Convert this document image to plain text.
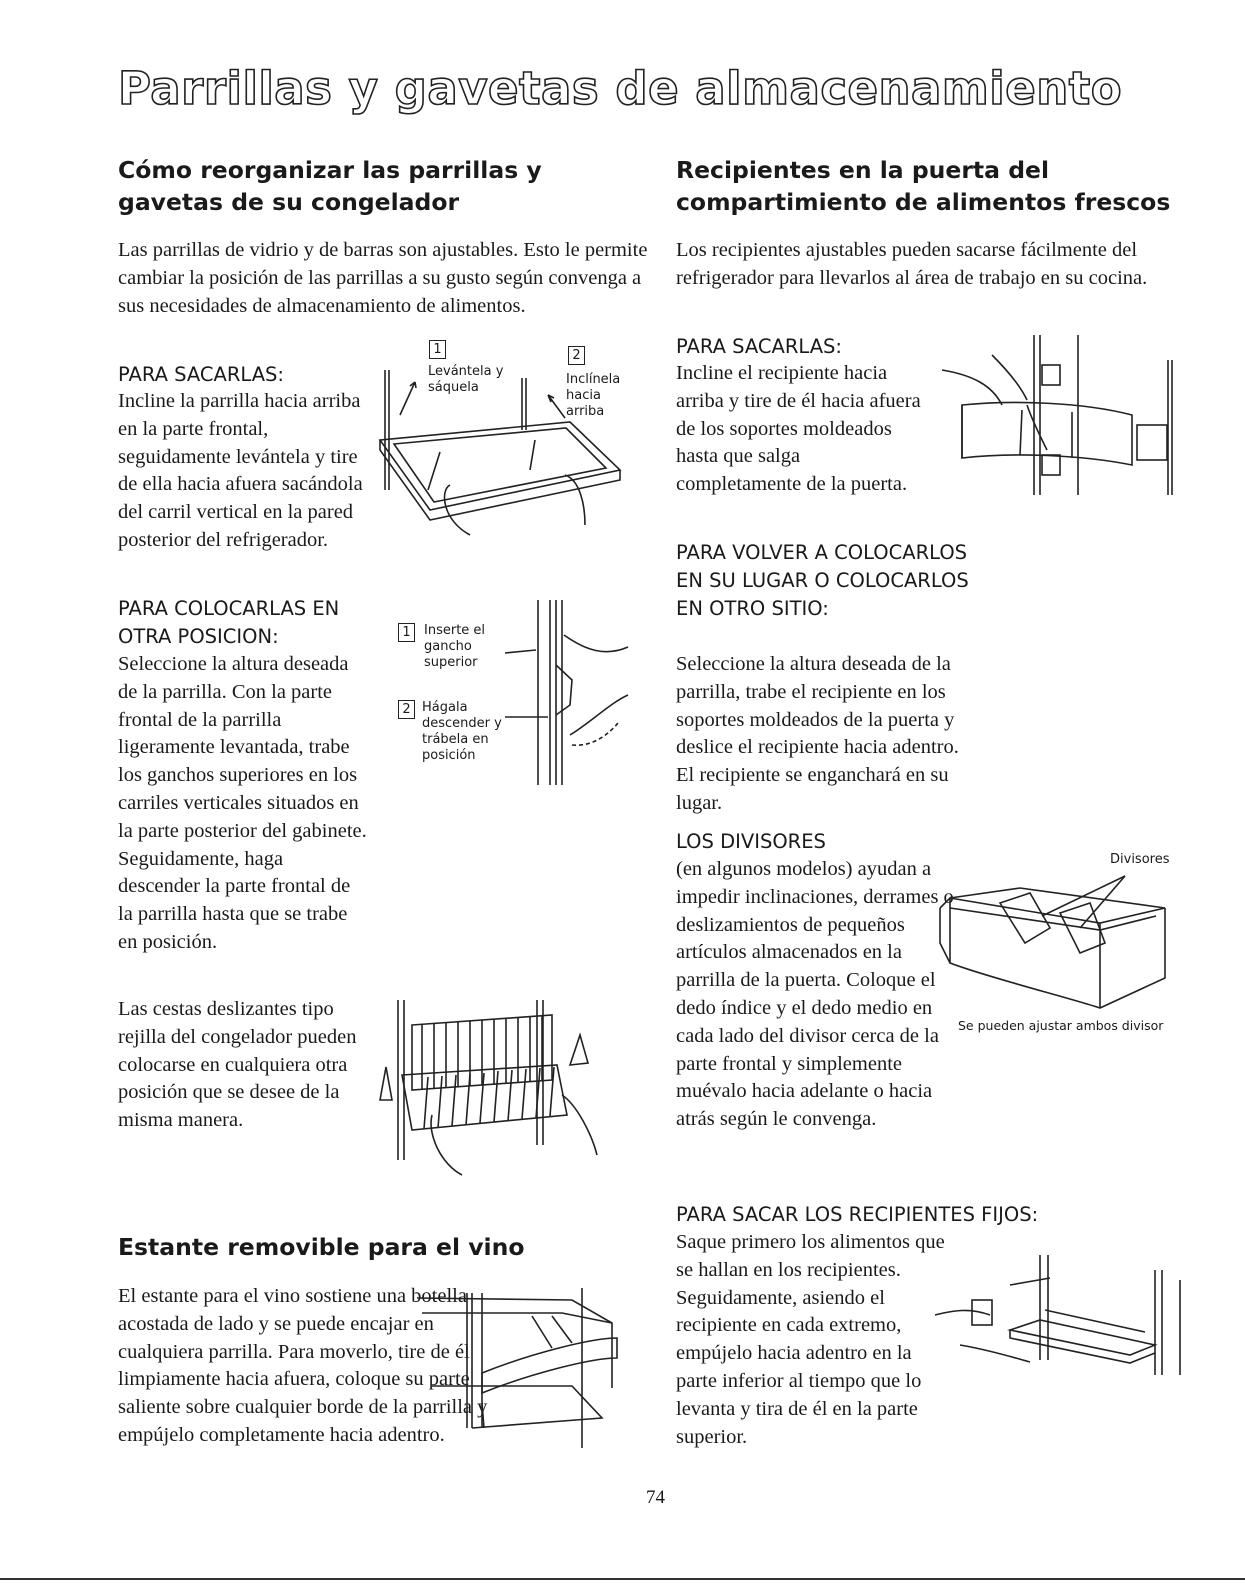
Parrillas y gavetas de almacenamiento
Cómo reorganizar las parrillas y gavetas de su congelador

Las parrillas de vidrio y de barras son ajustables. Esto le permite cambiar la posición de las parrillas a su gusto según convenga a sus necesidades de almacenamiento de alimentos.

PARA SACARLAS:

Incline la parrilla hacia arriba en la parte frontal, seguidamente levántela y tire de ella hacia afuera sacándola del carril vertical en la pared posterior del refrigerador.

1
Levántela y sáquela
2
Inclínela hacia arriba

PARA COLOCARLAS EN OTRA POSICION:

Seleccione la altura deseada de la parrilla. Con la parte frontal de la parrilla ligeramente levantada, trabe los ganchos superiores en los carriles verticales situados en la parte posterior del gabinete. Seguidamente, haga descender la parte frontal de la parrilla hasta que se trabe en posición.

1	Inserte el gancho superior
2 Hágala descender y trábela en posición

Las cestas deslizantes tipo rejilla del congelador pueden colocarse en cualquiera otra posición que se desee de la misma manera.

Estante removible para el vino

El estante para el vino sostiene una botella acostada de lado y se puede encajar en cualquiera parrilla. Para moverlo, tire de él limpiamente hacia afuera, coloque su parte saliente sobre cualquier borde de la parrilla y empújelo completamente hacia adentro.

Recipientes en la puerta del compartimiento de alimentos frescos

Los recipientes ajustables pueden sacarse fácilmente del refrigerador para llevarlos al área de trabajo en su cocina.

PARA SACARLAS:

Incline el recipiente hacia arriba y tire de él hacia afuera de los soportes moldeados hasta que salga completamente de la puerta.

PARA VOLVER A COLOCARLOS EN SU LUGAR O COLOCARLOS EN OTRO SITIO:

Seleccione la altura deseada de la parrilla, trabe el recipiente en los soportes moldeados de la puerta y deslice el recipiente hacia adentro. El recipiente se enganchará en su lugar.

LOS DIVISORES

(en algunos modelos) ayudan a impedir inclinaciones, derrames o deslizamientos de pequeños artículos almacenados en la parrilla de la puerta. Coloque el dedo índice y el dedo medio en cada lado del divisor cerca de la parte frontal y simplemente muévalo hacia adelante o hacia atrás según le convenga.

Divisores
Se pueden ajustar ambos divisor

PARA SACAR LOS RECIPIENTES FIJOS:

Saque primero los alimentos que se hallan en los recipientes. Seguidamente, asiendo el recipiente en cada extremo, empújelo hacia adentro en la parte inferior al tiempo que lo levanta y tira de él en la parte superior.

74
